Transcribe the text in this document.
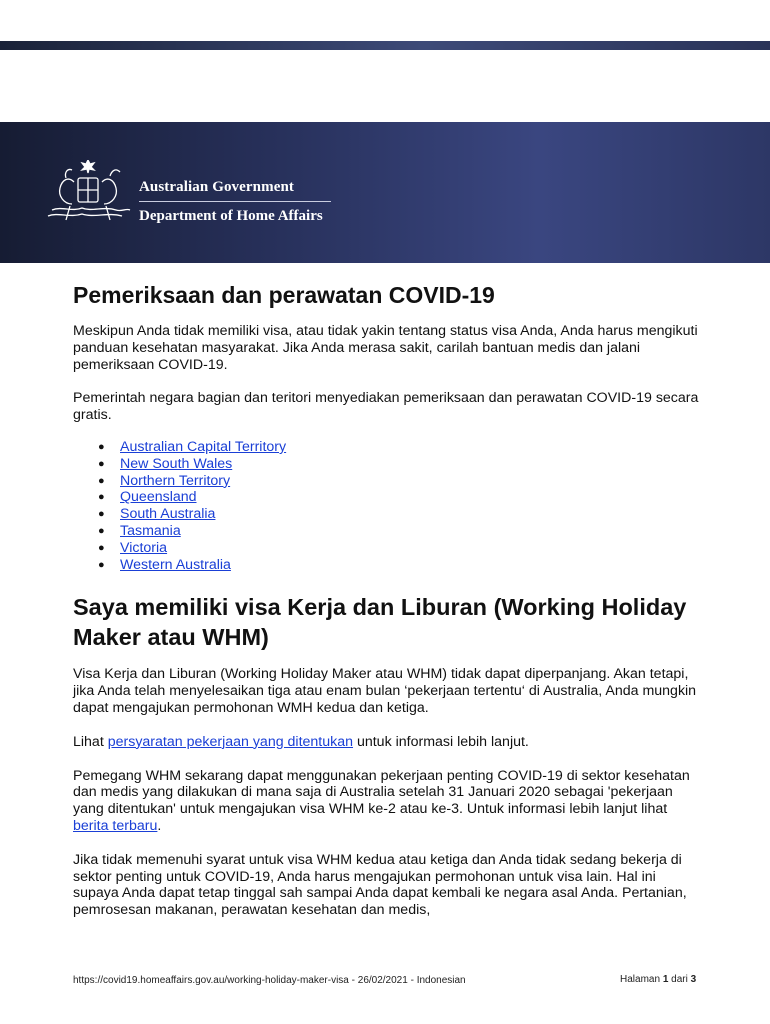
Australian Government
Department of Home Affairs
Pemeriksaan dan perawatan COVID-19

Meskipun Anda tidak memiliki visa, atau tidak yakin tentang status visa Anda, Anda harus mengikuti panduan kesehatan masyarakat. Jika Anda merasa sakit, carilah bantuan medis dan jalani pemeriksaan COVID-19.

Pemerintah negara bagian dan teritori menyediakan pemeriksaan dan perawatan COVID-19 secara gratis.

● Australian Capital Territory
● New South Wales
● Northern Territory
● Queensland
● South Australia
● Tasmania
● Victoria
● Western Australia
Saya memiliki visa Kerja dan Liburan (Working Holiday Maker atau WHM)

Visa Kerja dan Liburan (Working Holiday Maker atau WHM) tidak dapat diperpanjang. Akan tetapi, jika Anda telah menyelesaikan tiga atau enam bulan ‘pekerjaan tertentu‘ di Australia, Anda mungkin dapat mengajukan permohonan WMH kedua dan ketiga.

Lihat persyaratan pekerjaan yang ditentukan untuk informasi lebih lanjut.

Pemegang WHM sekarang dapat menggunakan pekerjaan penting COVID-19 di sektor kesehatan dan medis yang dilakukan di mana saja di Australia setelah 31 Januari 2020 sebagai 'pekerjaan yang ditentukan' untuk mengajukan visa WHM ke-2 atau ke-3. Untuk informasi lebih lanjut lihat berita terbaru.

Jika tidak memenuhi syarat untuk visa WHM kedua atau ketiga dan Anda tidak sedang bekerja di sektor penting untuk COVID-19, Anda harus mengajukan permohonan untuk visa lain. Hal ini supaya Anda dapat tetap tinggal sah sampai Anda dapat kembali ke negara asal Anda. Pertanian, pemrosesan makanan, perawatan kesehatan dan medis,

https://covid19.homeaffairs.gov.au/working-holiday-maker-visa - 26/02/2021 - Indonesian	Halaman 1 dari 3
